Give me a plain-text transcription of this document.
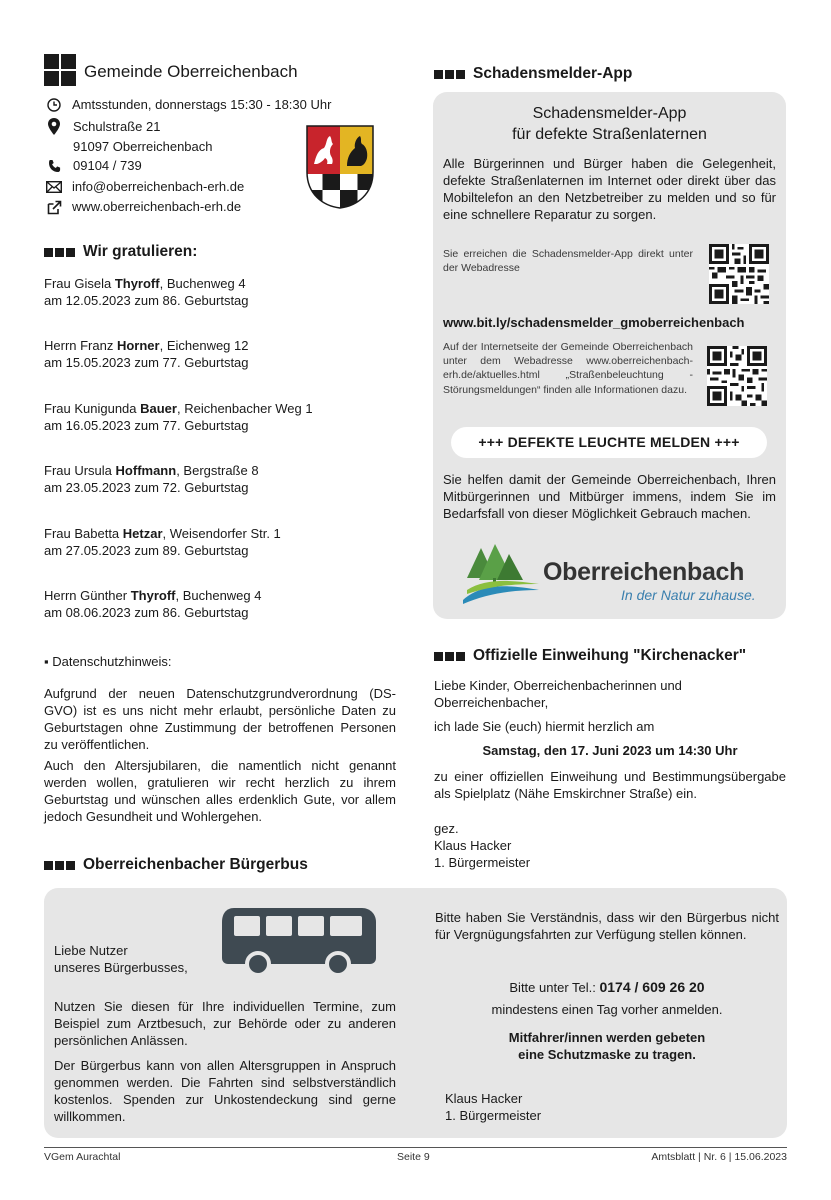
Gemeinde Oberreichenbach
Amtsstunden, donnerstags 15:30 - 18:30 Uhr
Schulstraße 21
91097 Oberreichenbach
09104 / 739
info@oberreichenbach-erh.de
www.oberreichenbach-erh.de
Wir gratulieren:
Frau Gisela Thyroff, Buchenweg 4
am 12.05.2023 zum 86. Geburtstag
Herrn Franz Horner, Eichenweg 12
am 15.05.2023 zum 77. Geburtstag
Frau Kunigunda Bauer, Reichenbacher Weg 1
am 16.05.2023 zum 77. Geburtstag
Frau Ursula Hoffmann, Bergstraße 8
am 23.05.2023 zum 72. Geburtstag
Frau Babetta Hetzar, Weisendorfer Str. 1
am 27.05.2023 zum 89. Geburtstag
Herrn Günther Thyroff, Buchenweg 4
am 08.06.2023 zum 86. Geburtstag
▪ Datenschutzhinweis:
Aufgrund der neuen Datenschutzgrundverordnung (DS-GVO) ist es uns nicht mehr erlaubt, persönliche Daten zu Geburtstagen ohne Zustimmung der betroffenen Personen zu veröffentlichen.
Auch den Altersjubilaren, die namentlich nicht genannt werden wollen, gratulieren wir recht herzlich zu ihrem Geburtstag und wünschen alles erdenklich Gute, vor allem jedoch Gesundheit und Wohlergehen.
Oberreichenbacher Bürgerbus
Schadensmelder-App
Schadensmelder-App
für defekte Straßenlaternen
Alle Bürgerinnen und Bürger haben die Gelegenheit, defekte Straßenlaternen im Internet oder direkt über das Mobiltelefon an den Netzbetreiber zu melden und so für eine schnellere Reparatur zu sorgen.
Sie erreichen die Schadensmelder-App direkt unter der Webadresse
www.bit.ly/schadensmelder_gmoberreichenbach
Auf der Internetseite der Gemeinde Oberreichenbach unter dem Webadresse www.oberreichenbach-erh.de/aktuelles.html „Straßenbeleuchtung - Störungsmeldungen“ finden alle Informationen dazu.
+++ DEFEKTE LEUCHTE MELDEN +++
Sie helfen damit der Gemeinde Oberreichenbach, Ihren Mitbürgerinnen und Mitbürger immens, indem Sie im Bedarfsfall von dieser Möglichkeit Gebrauch machen.
Oberreichenbach
In der Natur zuhause.
Offizielle Einweihung "Kirchenacker"
Liebe Kinder, Oberreichenbacherinnen und Oberreichenbacher,
ich lade Sie (euch) hiermit herzlich am
Samstag, den 17. Juni 2023 um 14:30 Uhr
zu einer offiziellen Einweihung und Bestimmungsübergabe als Spielplatz (Nähe Emskirchner Straße) ein.
gez.
Klaus Hacker
1. Bürgermeister
Liebe Nutzer
unseres Bürgerbusses,
Nutzen Sie diesen für Ihre individuellen Termine, zum Beispiel zum Arztbesuch, zur Behörde oder zu anderen persönlichen Anlässen.
Der Bürgerbus kann von allen Altersgruppen in Anspruch genommen werden. Die Fahrten sind selbstverständlich kostenlos. Spenden zur Unkostendeckung sind gerne willkommen.
Bitte haben Sie Verständnis, dass wir den Bürgerbus nicht für Vergnügungsfahrten zur Verfügung stellen können.
Bitte unter Tel.: 0174 / 609 26 20
mindestens einen Tag vorher anmelden.
Mitfahrer/innen werden gebeten
eine Schutzmaske zu tragen.
Klaus Hacker
1. Bürgermeister
VGem Aurachtal	Seite 9	Amtsblatt | Nr. 6 | 15.06.2023
